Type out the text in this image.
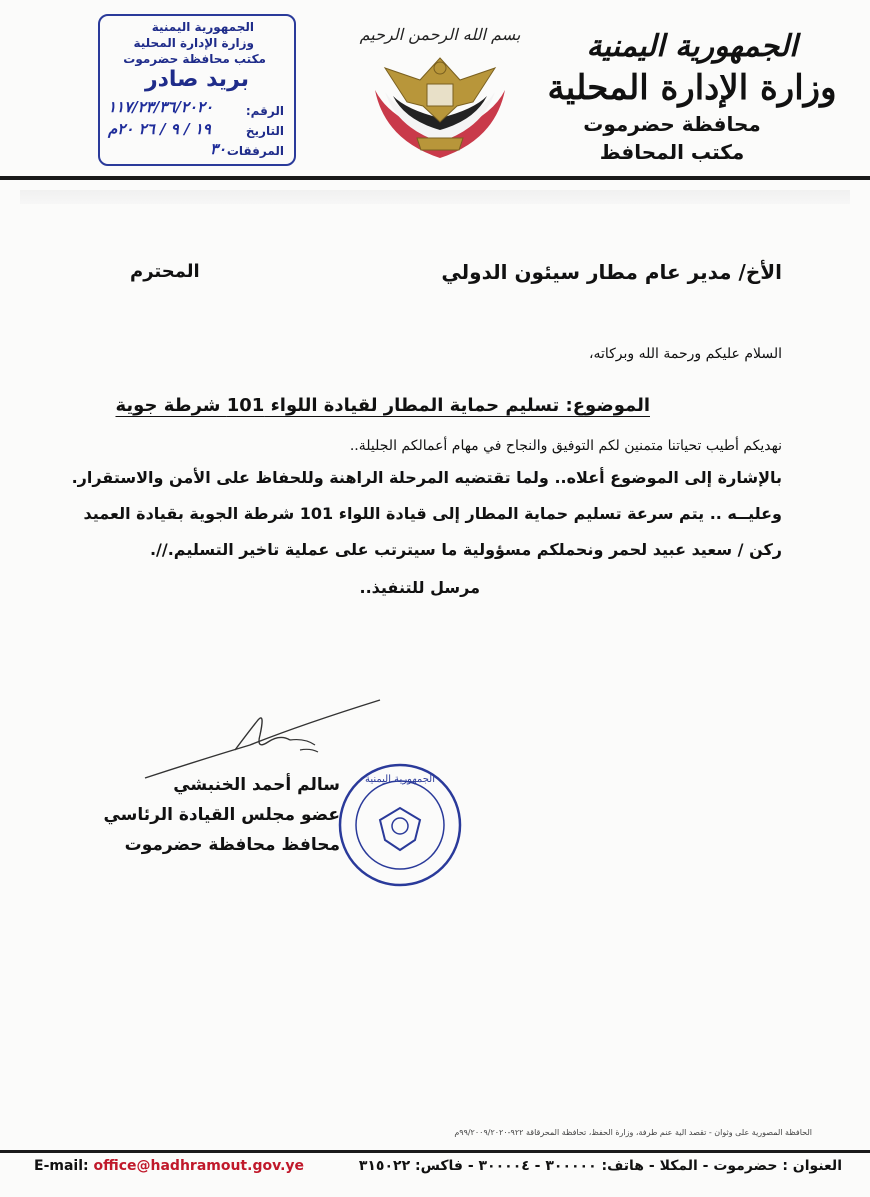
الجمهورية اليمنية
وزارة الإدارة المحلية
محافظة حضرموت
مكتب المحافظ
بسم الله الرحمن الرحيم
الجمهورية اليمنية
وزارة الإدارة المحلية
مكتب محافظة حضرموت
بريد صادر
الرقم:
١١٧/٢٣/٣٦/٢٠٢٠
التاريخ
١٩ / ٩ / ٢٦ ٢٠م
المرفقات
٣٠
الأخ/ مدير عام مطار سيئون الدولي
المحترم
السلام عليكم ورحمة الله وبركاته،
الموضوع: تسليم حماية المطار لقيادة اللواء 101 شرطة جوية
نهديكم أطيب تحياتنا متمنين لكم التوفيق والنجاح في مهام أعمالكم الجليلة..
بالإشارة إلى الموضوع أعلاه.. ولما تقتضيه المرحلة الراهنة وللحفاظ على الأمن والاستقرار.
وعليــه .. يتم سرعة تسليم حماية المطار إلى قيادة اللواء 101 شرطة الجوية بقيادة العميد
ركن / سعيد عبيد لحمر ونحملكم مسؤولية ما سيترتب على عملية تاخير التسليم.//.
مرسل للتنفيذ..
سالم أحمد الخنبشي
عضو مجلس القيادة الرئاسي
محافظ محافظة حضرموت
الجمهورية اليمنية
الحافظة المصورية على وثوان - تقصد الية عنم طرفة، وزارة الحفظ، تحافظة المحرقاقة ٩٢٢-٩٩/٢٠٠٩/٢٠٢٠م
العنوان : حضرموت - المكلا - هاتف: ٣٠٠٠٠٠ - ٣٠٠٠٠٤ - فاكس: ٣١٥٠٢٢
E-mail: office@hadhramout.gov.ye
